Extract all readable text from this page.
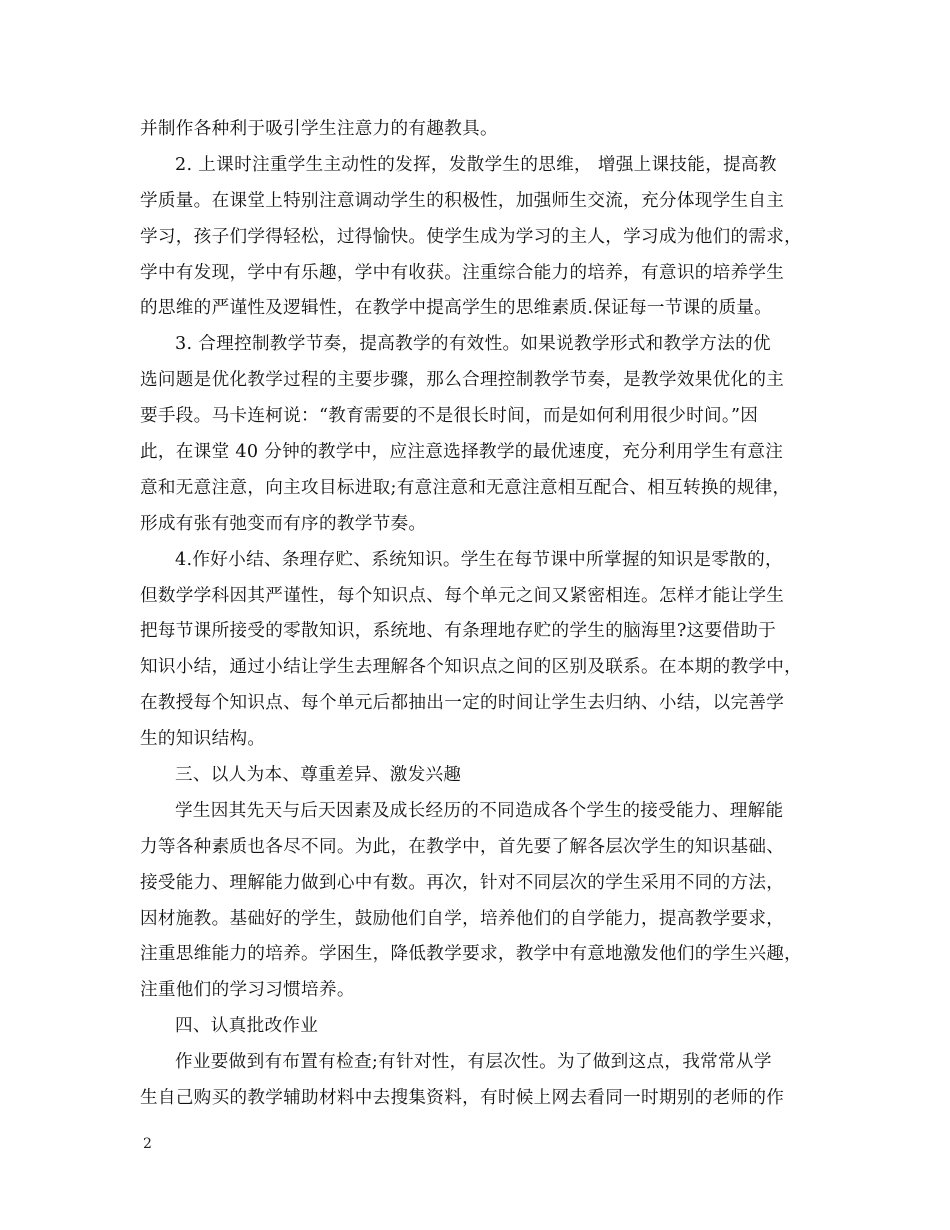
并制作各种利于吸引学生注意力的有趣教具。
2. 上课时注重学生主动性的发挥，发散学生的思维， 增强上课技能，提高教
学质量。在课堂上特别注意调动学生的积极性，加强师生交流，充分体现学生自主
学习，孩子们学得轻松，过得愉快。使学生成为学习的主人，学习成为他们的需求，
学中有发现，学中有乐趣，学中有收获。注重综合能力的培养，有意识的培养学生
的思维的严谨性及逻辑性，在教学中提高学生的思维素质.保证每一节课的质量。
3. 合理控制教学节奏，提高教学的有效性。如果说教学形式和教学方法的优
选问题是优化教学过程的主要步骤，那么合理控制教学节奏，是教学效果优化的主
要手段。马卡连柯说：“教育需要的不是很长时间，而是如何利用很少时间。”因
此，在课堂 40 分钟的教学中，应注意选择教学的最优速度，充分利用学生有意注
意和无意注意，向主攻目标进取;有意注意和无意注意相互配合、相互转换的规律，
形成有张有弛变而有序的教学节奏。
4.作好小结、条理存贮、系统知识。学生在每节课中所掌握的知识是零散的，
但数学学科因其严谨性，每个知识点、每个单元之间又紧密相连。怎样才能让学生
把每节课所接受的零散知识，系统地、有条理地存贮的学生的脑海里?这要借助于
知识小结，通过小结让学生去理解各个知识点之间的区别及联系。在本期的教学中，
在教授每个知识点、每个单元后都抽出一定的时间让学生去归纳、小结，以完善学
生的知识结构。
三、以人为本、尊重差异、激发兴趣
学生因其先天与后天因素及成长经历的不同造成各个学生的接受能力、理解能
力等各种素质也各尽不同。为此，在教学中，首先要了解各层次学生的知识基础、
接受能力、理解能力做到心中有数。再次，针对不同层次的学生采用不同的方法，
因材施教。基础好的学生，鼓励他们自学，培养他们的自学能力，提高教学要求，
注重思维能力的培养。学困生，降低教学要求，教学中有意地激发他们的学生兴趣，
注重他们的学习习惯培养。
四、认真批改作业
作业要做到有布置有检查;有针对性，有层次性。为了做到这点，我常常从学
生自己购买的教学辅助材料中去搜集资料，有时候上网去看同一时期别的老师的作
2
